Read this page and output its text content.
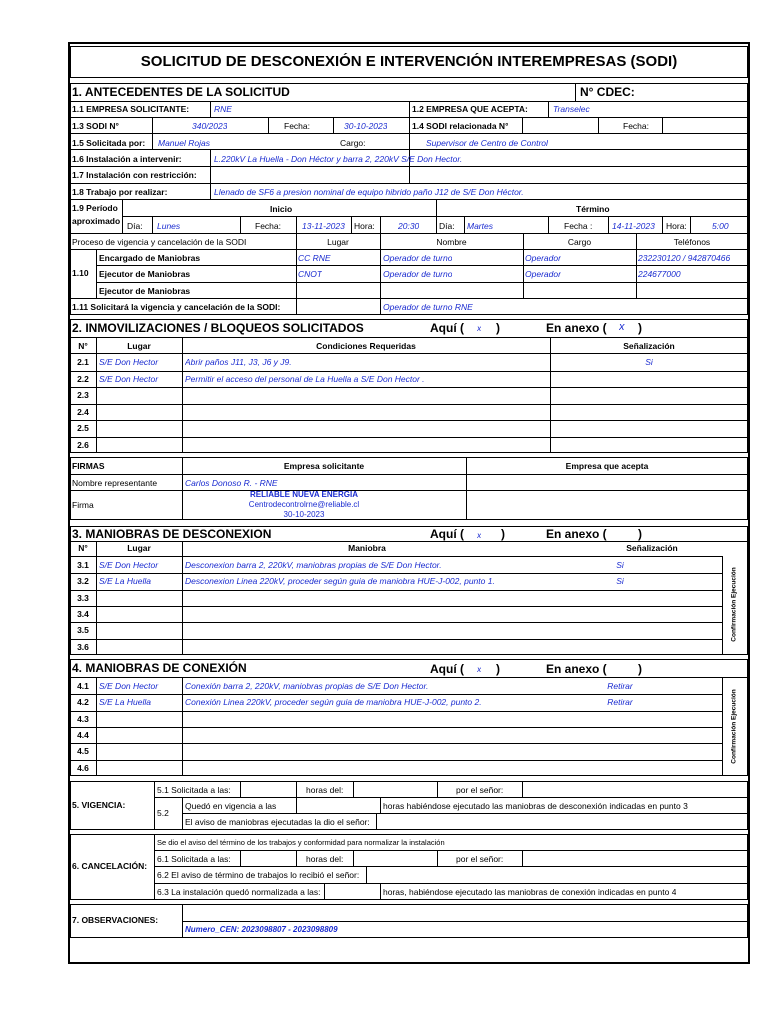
SOLICITUD DE DESCONEXIÓN E INTERVENCIÓN INTEREMPRESAS (SODI)
1. ANTECEDENTES DE LA SOLICITUD	N° CDEC:
1.1 EMPRESA SOLICITANTE:	RNE	1.2 EMPRESA QUE ACEPTA:	Transelec
1.3 SODI N°	340/2023	Fecha:	30-10-2023	1.4 SODI relacionada N°	Fecha:
1.5 Solicitada por: Manuel Rojas	Cargo:	Supervisor de Centro de Control
1.6 Instalación a intervenir:	L.220kV La Huella - Don Héctor y barra 2, 220kV S/E Don Hector.
1.7 Instalación con restricción:
1.8 Trabajo por realizar:	Llenado de SF6 a presion nominal de equipo hibrido paño J12 de S/E Don Héctor.
1.9 Período
aproximado
Inicio	Término
Día: Lunes	Fecha: 13-11-2023 Hora:	20:30 Día: Martes	Fecha : 14-11-2023 Hora:	5:00
Proceso de vigencia y cancelación de la SODI	Lugar	Nombre	Cargo	Teléfonos
1.10
Encargado de Maniobras	CC RNE	Operador de turno	Operador	232230120 / 942870466
Ejecutor de Maniobras	CNOT	Operador de turno	Operador	224677000
Ejecutor de Maniobras
1.11 Solicitará la vigencia y cancelación de la SODI:	Operador de turno RNE
2. INMOVILIZACIONES / BLOQUEOS SOLICITADOS	Aquí ( x )	En anexo ( x )
N°	Lugar	Condiciones Requeridas	Señalización
2.1	S/E Don Hector	Abrir paños J11, J3, J6 y J9.	Si
2.2	S/E Don Hector	Permitir el acceso del personal de La Huella a S/E Don Hector .
2.3
2.4
2.5
2.6
FIRMAS	Empresa solicitante	Empresa que acepta
Nombre representante	Carlos Donoso R. - RNE
Firma
RELIABLE NUEVA ENERGIA
Centrodecontrolrne@reliable.cl
30-10-2023
3. MANIOBRAS DE DESCONEXION	Aquí ( x )	En anexo (	)
N°	Lugar	Maniobra	Señalización
Confirmación Ejecución
3.1	S/E Don Hector	Desconexion barra 2, 220kV, maniobras propias de S/E Don Hector.	Si
3.2	S/E La Huella	Desconexion Linea 220kV, proceder según guia de maniobra HUE-J-002, punto 1.	Si
3.3
3.4
3.5
3.6
4. MANIOBRAS DE CONEXIÓN	Aquí ( x )	En anexo (	)
Confirmación Ejecución
4.1	S/E Don Hector	Conexión barra 2, 220kV, maniobras propias de S/E Don Hector.	Retirar
4.2	S/E La Huella	Conexión Linea 220kV, proceder según guia de maniobra HUE-J-002, punto 2.	Retirar
4.3
4.4
4.5
4.6
5. VIGENCIA:
5.1 Solicitada a las:	horas del:	por el señor:
5.2
Quedó en vigencia a las	horas habiéndose ejecutado las maniobras de desconexión indicadas en punto 3
El aviso de maniobras ejecutadas la dio el señor:
6. CANCELACIÓN:
Se dio el aviso del término de los trabajos y conformidad para normalizar la instalación
6.1 Solicitada a las:	horas del:	por el señor:
6.2 El aviso de término de trabajos lo recibió el señor:
6.3 La instalación quedó normalizada a las:	horas, habiéndose ejecutado las maniobras de conexión indicadas en punto 4
7. OBSERVACIONES:
Numero_CEN: 2023098807 - 2023098809
